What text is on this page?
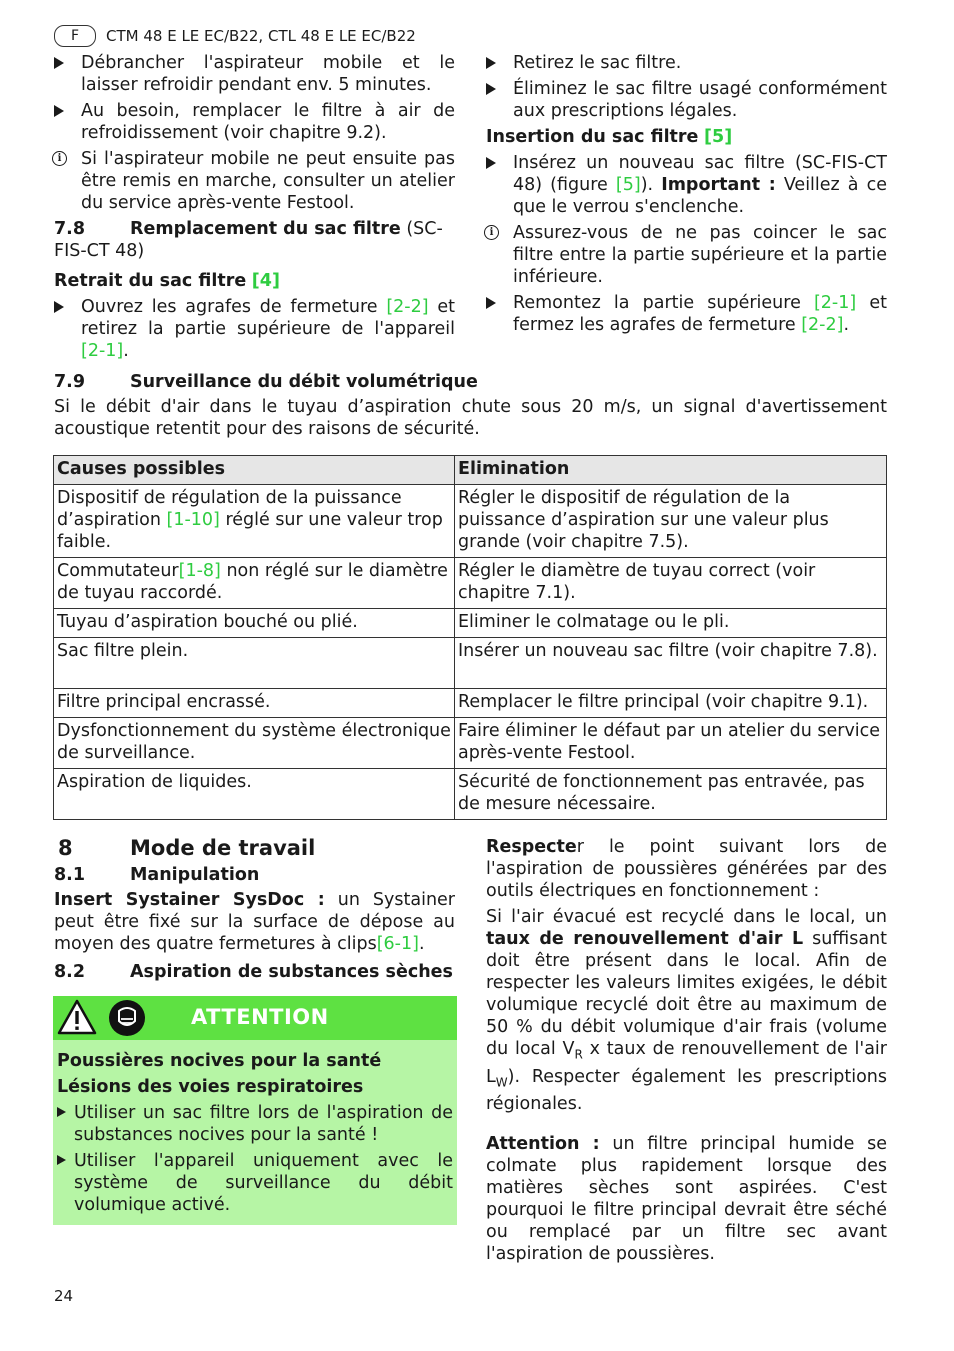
F	CTM 48 E LE EC/B22, CTL 48 E LE EC/B22

Débrancher l'aspirateur mobile et le laisser refroidir pendant env. 5 minutes.

Au besoin, remplacer le filtre à air de refroidissement (voir chapitre 9.2).

i	Si l'aspirateur mobile ne peut ensuite pas être remis en marche, consulter un atelier du service après-vente Festool.

7.8	Remplacement du sac filtre (SC-FIS-CT 48)
Retrait du sac filtre [4]

Ouvrez les agrafes de fermeture [2-2] et retirez la partie supérieure de l'appareil [2-1].

Retirez le sac filtre.

Éliminez le sac filtre usagé conformément aux prescriptions légales.

Insertion du sac filtre [5]

Insérez un nouveau sac filtre (SC-FIS-CT 48) (figure [5]). Important : Veillez à ce que le verrou s'enclenche.

i	Assurez-vous de ne pas coincer le sac filtre entre la partie supérieure et la partie inférieure.

Remontez la partie supérieure [2-1] et fermez les agrafes de fermeture [2-2].

7.9	Surveillance du débit volumétrique

Si le débit d'air dans le tuyau d’aspiration chute sous 20 m/s, un signal d'avertissement acoustique retentit pour des raisons de sécurité.

Causes possibles	Elimination
Dispositif de régulation de la puissance d’aspiration [1-10] réglé sur une valeur trop faible.	Régler le dispositif de régulation de la puissance d’aspiration sur une valeur plus grande (voir chapitre 7.5).
Commutateur[1-8] non réglé sur le diamètre de tuyau raccordé.	Régler le diamètre de tuyau correct (voir chapitre 7.1).
Tuyau d’aspiration bouché ou plié.	Eliminer le colmatage ou le pli.
Sac filtre plein.	Insérer un nouveau sac filtre (voir chapitre 7.8).
Filtre principal encrassé.	Remplacer le filtre principal (voir chapitre 9.1).
Dysfonctionnement du système électronique de surveillance.	Faire éliminer le défaut par un atelier du service après-vente Festool.
Aspiration de liquides.	Sécurité de fonctionnement pas entravée, pas de mesure nécessaire.
8	Mode de travail
8.1	Manipulation

Insert Systainer SysDoc : un Systainer peut être fixé sur la surface de dépose au moyen des quatre fermetures à clips[6-1].

8.2	Aspiration de substances sèches
ATTENTION

Poussières nocives pour la santé

Lésions des voies respiratoires

Utiliser un sac filtre lors de l'aspiration de substances nocives pour la santé !

Utiliser l'appareil uniquement avec le système de surveillance du débit volumique activé.

Respecter le point suivant lors de l'aspiration de poussières générées par des outils électriques en fonctionnement :

Si l'air évacué est recyclé dans le local, un taux de renouvellement d'air L suffisant doit être présent dans le local. Afin de respecter les valeurs limites exigées, le débit volumique recyclé doit être au maximum de 50 % du débit volumique d'air frais (volume du local $V_R$ x taux de renouvellement de l'air $L_W$). Respecter également les prescriptions régionales.

Attention : un filtre principal humide se colmate plus rapidement lorsque des matières sèches sont aspirées. C'est pourquoi le filtre principal devrait être séché ou remplacé par un filtre sec avant l'aspiration de poussières.

24
